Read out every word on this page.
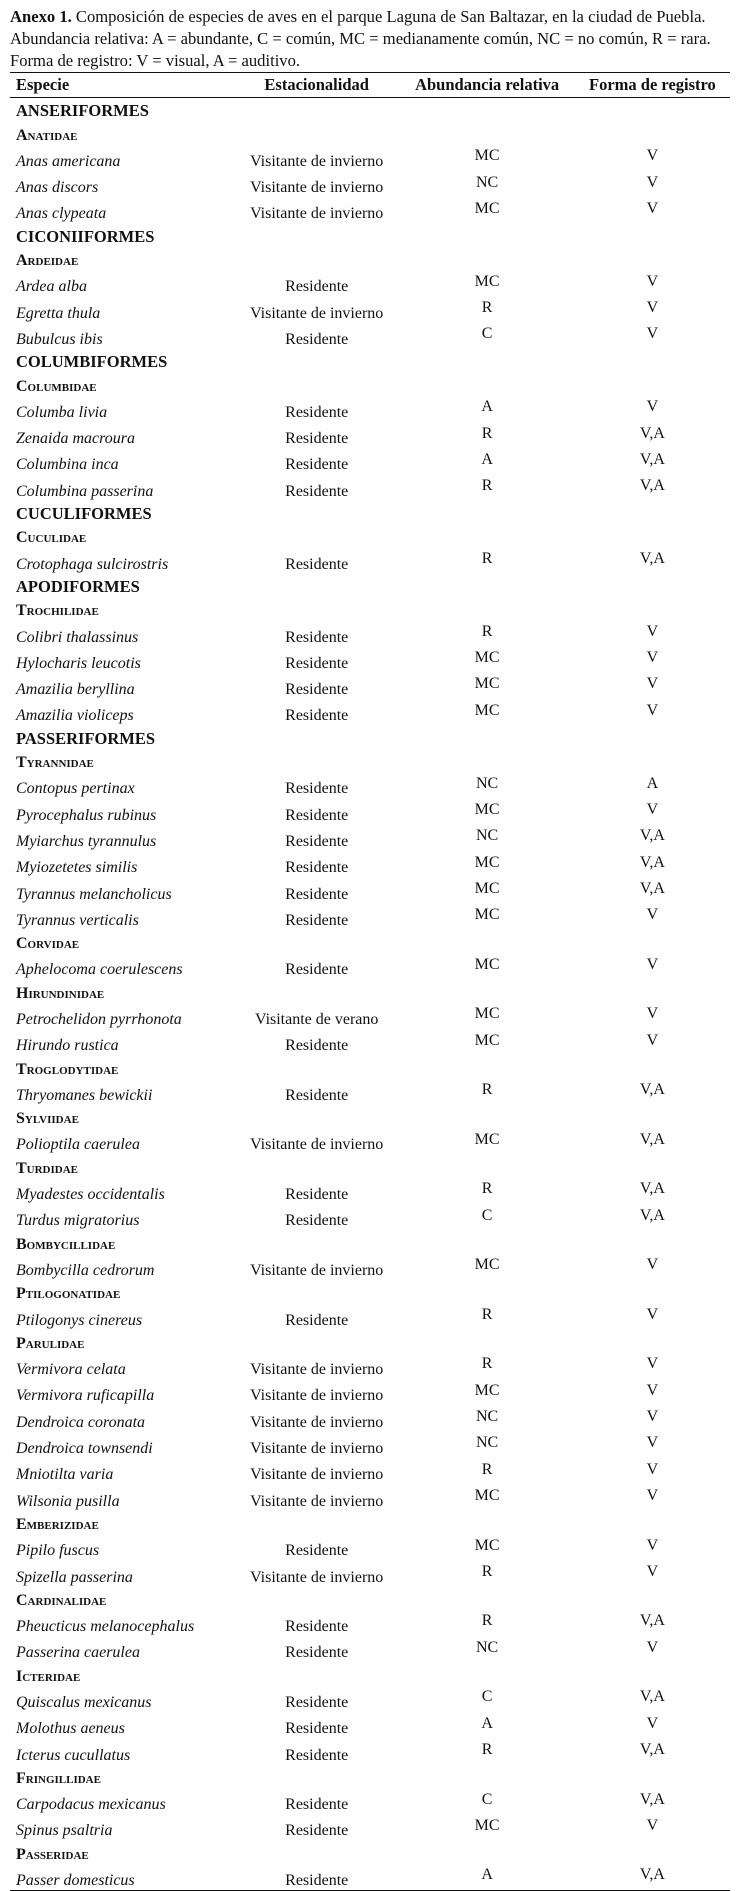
Anexo 1. Composición de especies de aves en el parque Laguna de San Baltazar, en la ciudad de Puebla. Abundancia relativa: A = abundante, C = común, MC = medianamente común, NC = no común, R = rara. Forma de registro: V = visual, A = auditivo.

Especie	Estacionalidad	Abundancia relativa	Forma de registro
ANSERIFORMES			
Anatidae			
Anas americana	Visitante de invierno	MC	V
Anas discors	Visitante de invierno	NC	V
Anas clypeata	Visitante de invierno	MC	V
CICONIIFORMES			
Ardeidae			
Ardea alba	Residente	MC	V
Egretta thula	Visitante de invierno	R	V
Bubulcus ibis	Residente	C	V
COLUMBIFORMES			
Columbidae			
Columba livia	Residente	A	V
Zenaida macroura	Residente	R	V,A
Columbina inca	Residente	A	V,A
Columbina passerina	Residente	R	V,A
CUCULIFORMES			
Cuculidae			
Crotophaga sulcirostris	Residente	R	V,A
APODIFORMES			
Trochilidae			
Colibri thalassinus	Residente	R	V
Hylocharis leucotis	Residente	MC	V
Amazilia beryllina	Residente	MC	V
Amazilia violiceps	Residente	MC	V
PASSERIFORMES			
Tyrannidae			
Contopus pertinax	Residente	NC	A
Pyrocephalus rubinus	Residente	MC	V
Myiarchus tyrannulus	Residente	NC	V,A
Myiozetetes similis	Residente	MC	V,A
Tyrannus melancholicus	Residente	MC	V,A
Tyrannus verticalis	Residente	MC	V
Corvidae			
Aphelocoma coerulescens	Residente	MC	V
Hirundinidae			
Petrochelidon pyrrhonota	Visitante de verano	MC	V
Hirundo rustica	Residente	MC	V
Troglodytidae			
Thryomanes bewickii	Residente	R	V,A
Sylviidae			
Polioptila caerulea	Visitante de invierno	MC	V,A
Turdidae			
Myadestes occidentalis	Residente	R	V,A
Turdus migratorius	Residente	C	V,A
Bombycillidae			
Bombycilla cedrorum	Visitante de invierno	MC	V
Ptilogonatidae			
Ptilogonys cinereus	Residente	R	V
Parulidae			
Vermivora celata	Visitante de invierno	R	V
Vermivora ruficapilla	Visitante de invierno	MC	V
Dendroica coronata	Visitante de invierno	NC	V
Dendroica townsendi	Visitante de invierno	NC	V
Mniotilta varia	Visitante de invierno	R	V
Wilsonia pusilla	Visitante de invierno	MC	V
Emberizidae			
Pipilo fuscus	Residente	MC	V
Spizella passerina	Visitante de invierno	R	V
Cardinalidae			
Pheucticus melanocephalus	Residente	R	V,A
Passerina caerulea	Residente	NC	V
Icteridae			
Quiscalus mexicanus	Residente	C	V,A
Molothus aeneus	Residente	A	V
Icterus cucullatus	Residente	R	V,A
Fringillidae			
Carpodacus mexicanus	Residente	C	V,A
Spinus psaltria	Residente	MC	V
Passeridae			
Passer domesticus	Residente	A	V,A
